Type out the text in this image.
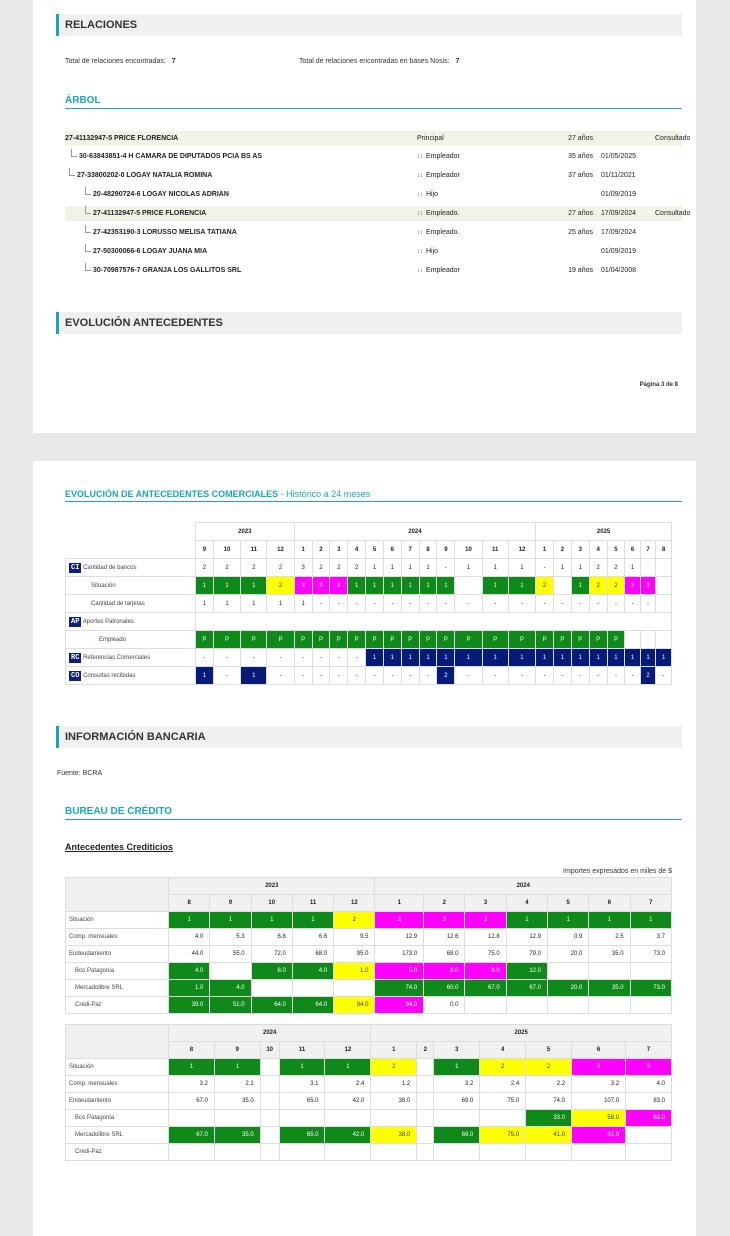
RELACIONES
Total de relaciones encontradas: 7	Total de relaciones encontradas en bases Nosis: 7
ÁRBOL
27-41132947-5 PRICE FLORENCIA	Principal	27 años	Consultado
30-63843851-4 H CAMARA DE DIPUTADOS PCIA BS AS	↕↕ Empleador	35 años 01/05/2025
27-33800202-0 LOGAY NATALIA ROMINA	↕↕ Empleador	37 años 01/11/2021
20-48290724-6 LOGAY NICOLAS ADRIAN	↕↕ Hijo	01/09/2019
27-41132947-5 PRICE FLORENCIA	↕↕ Empleado.	27 años 17/09/2024	Consultado
27-42353190-3 LORUSSO MELISA TATIANA	↕↕ Empleado.	25 años 17/09/2024
27-50300066-6 LOGAY JUANA MIA	↕↕ Hijo	01/09/2019
30-70987576-7 GRANJA LOS GALLITOS SRL	↕↕ Empleador	19 años 01/04/2008
EVOLUCIÓN ANTECEDENTES
Página 3 de 8
EVOLUCIÓN DE ANTECEDENTES COMERCIALES - Histórico a 24 meses
	2023				2024												2025							
	9	10	11	12	1	2	3	4	5	6	7	8	9	10	11	12	1	2	3	4	5	6	7	8
CI Cantidad de bancos	2	2	2	2	3	2	2	2	1	1	1	1	-	1	1	1	-	1	1	2	2	1		
Situación	1	1	1	2	3	3	3	1	1	1	1	1	1		1	1	2		1	2	2	3	3	
Cantidad de tarjetas	1	1	1	1	1	-	-	-	-	-	-	-	-	-	-	-	-	-	-	-	-	-	-	
AP Aportes Patronales																								
Empleado	P	P	P	P	P	P	P	P	P	P	P	P	P	P	P	P	P	P	P	P	P			
RC Referencias Comerciales	-	-	-	-	-	-	-	-	1	1	1	1	1	1	1	1	1	1	1	1	1	1	1	1
CO Consultas recibidas	1	-	1	-	-	-	-	-	-	-	-	-	2	-	-	-	-	-	-	-	-	-	2	-
INFORMACIÓN BANCARIA
Fuente: BCRA
BUREAU DE CRÉDITO
Antecedentes Crediticios
Importes expresados en miles de $
	2023					2024						
	8	9	10	11	12	1	2	3	4	5	6	7
Situación	1	1	1	1	2	3	3	3	1	1	1	1
Comp. mensuales	4.0	5.3	6.8	6.6	9.5	12.9	12.6	12.8	12.9	0.9	2.5	3.7
Endeudamiento	44.0	55.0	72.0	68.0	95.0	173.0	68.0	75.0	79.0	20.0	35.0	73.0
Bco Patagonia	4.0		8.0	4.0	1.0	5.0	8.0	8.0	12.0			
Mercadolibre SRL	1.0	4.0				74.0	60.0	67.0	67.0	20.0	35.0	73.0
Credi-Paz	39.0	51.0	64.0	64.0	94.0	94.0	0.0					
	2024					2025						
	8	9	10	11	12	1	2	3	4	5	6	7
Situación	1	1		1	1	2		1	2	2	3	3
Comp. mensuales	3.2	2.1		3.1	2.4	1.2		3.2	2.4	2.2	3.2	4.0
Endeudamiento	67.0	35.0		65.0	42.0	38.0		69.0	75.0	74.0	107.0	83.0
Bco Patagonia										33.0	58.0	83.0
Mercadolibre SRL	67.0	35.0		65.0	42.0	38.0		69.0	75.0	41.0	51.0	
Credi-Paz												
